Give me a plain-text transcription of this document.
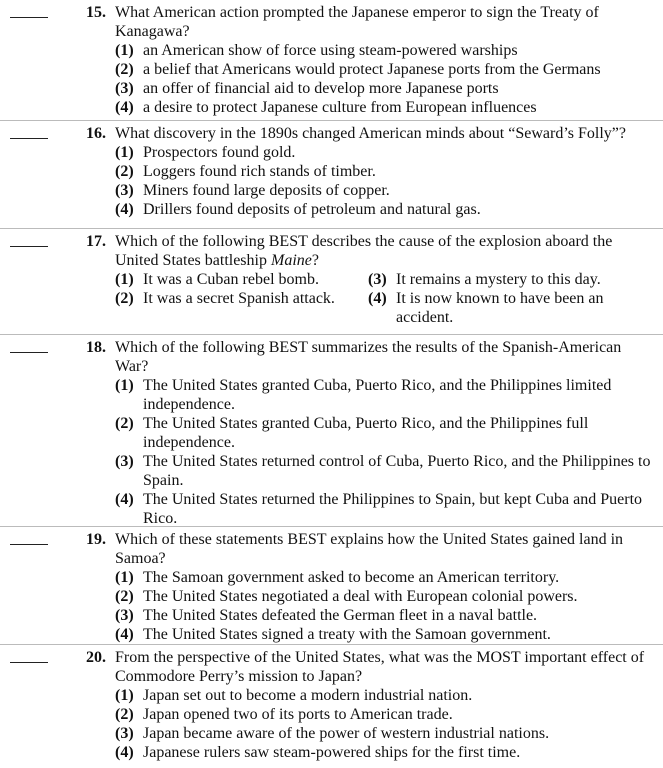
15. What American action prompted the Japanese emperor to sign the Treaty of Kanagawa?
(1) an American show of force using steam-powered warships
(2) a belief that Americans would protect Japanese ports from the Germans
(3) an offer of financial aid to develop more Japanese ports
(4) a desire to protect Japanese culture from European influences
16. What discovery in the 1890s changed American minds about “Seward’s Folly”?
(1) Prospectors found gold.
(2) Loggers found rich stands of timber.
(3) Miners found large deposits of copper.
(4) Drillers found deposits of petroleum and natural gas.
17. Which of the following BEST describes the cause of the explosion aboard the United States battleship Maine?
(1) It was a Cuban rebel bomb.	(3) It remains a mystery to this day.
(2) It was a secret Spanish attack.	(4) It is now known to have been an accident.
18. Which of the following BEST summarizes the results of the Spanish-American War?
(1) The United States granted Cuba, Puerto Rico, and the Philippines limited independence.
(2) The United States granted Cuba, Puerto Rico, and the Philippines full independence.
(3) The United States returned control of Cuba, Puerto Rico, and the Philippines to Spain.
(4) The United States returned the Philippines to Spain, but kept Cuba and Puerto Rico.
19. Which of these statements BEST explains how the United States gained land in Samoa?
(1) The Samoan government asked to become an American territory.
(2) The United States negotiated a deal with European colonial powers.
(3) The United States defeated the German fleet in a naval battle.
(4) The United States signed a treaty with the Samoan government.
20. From the perspective of the United States, what was the MOST important effect of Commodore Perry’s mission to Japan?
(1) Japan set out to become a modern industrial nation.
(2) Japan opened two of its ports to American trade.
(3) Japan became aware of the power of western industrial nations.
(4) Japanese rulers saw steam-powered ships for the first time.
